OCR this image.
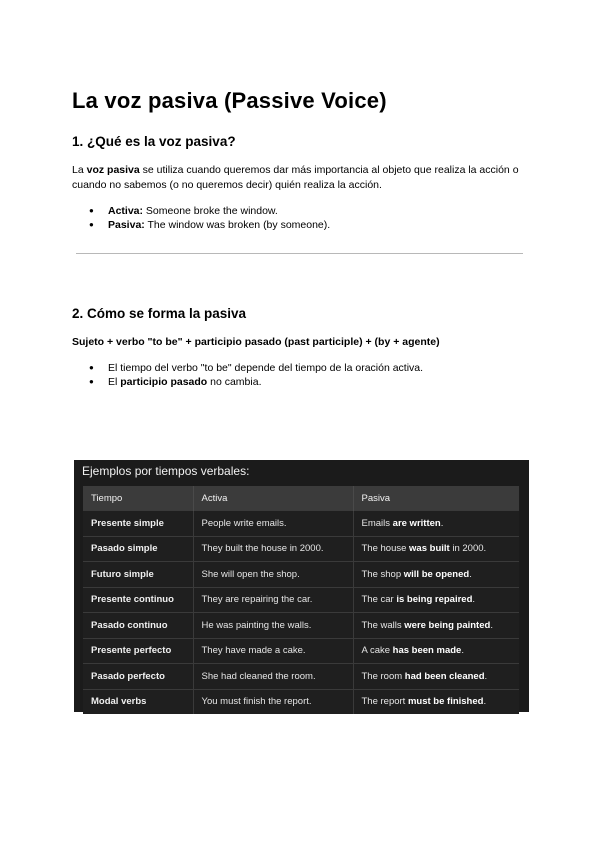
La voz pasiva (Passive Voice)
1. ¿Qué es la voz pasiva?

La voz pasiva se utiliza cuando queremos dar más importancia al objeto que realiza la acción o cuando no sabemos (o no queremos decir) quién realiza la acción.

● Activa: Someone broke the window.
● Pasiva: The window was broken (by someone).
2. Cómo se forma la pasiva

Sujeto + verbo "to be" + participio pasado (past participle) + (by + agente)

● El tiempo del verbo "to be" depende del tiempo de la oración activa.
● El participio pasado no cambia.
Ejemplos por tiempos verbales:
Tiempo	Activa	Pasiva
Presente simple	People write emails.	Emails are written.
Pasado simple	They built the house in 2000.	The house was built in 2000.
Futuro simple	She will open the shop.	The shop will be opened.
Presente continuo	They are repairing the car.	The car is being repaired.
Pasado continuo	He was painting the walls.	The walls were being painted.
Presente perfecto	They have made a cake.	A cake has been made.
Pasado perfecto	She had cleaned the room.	The room had been cleaned.
Modal verbs	You must finish the report.	The report must be finished.
